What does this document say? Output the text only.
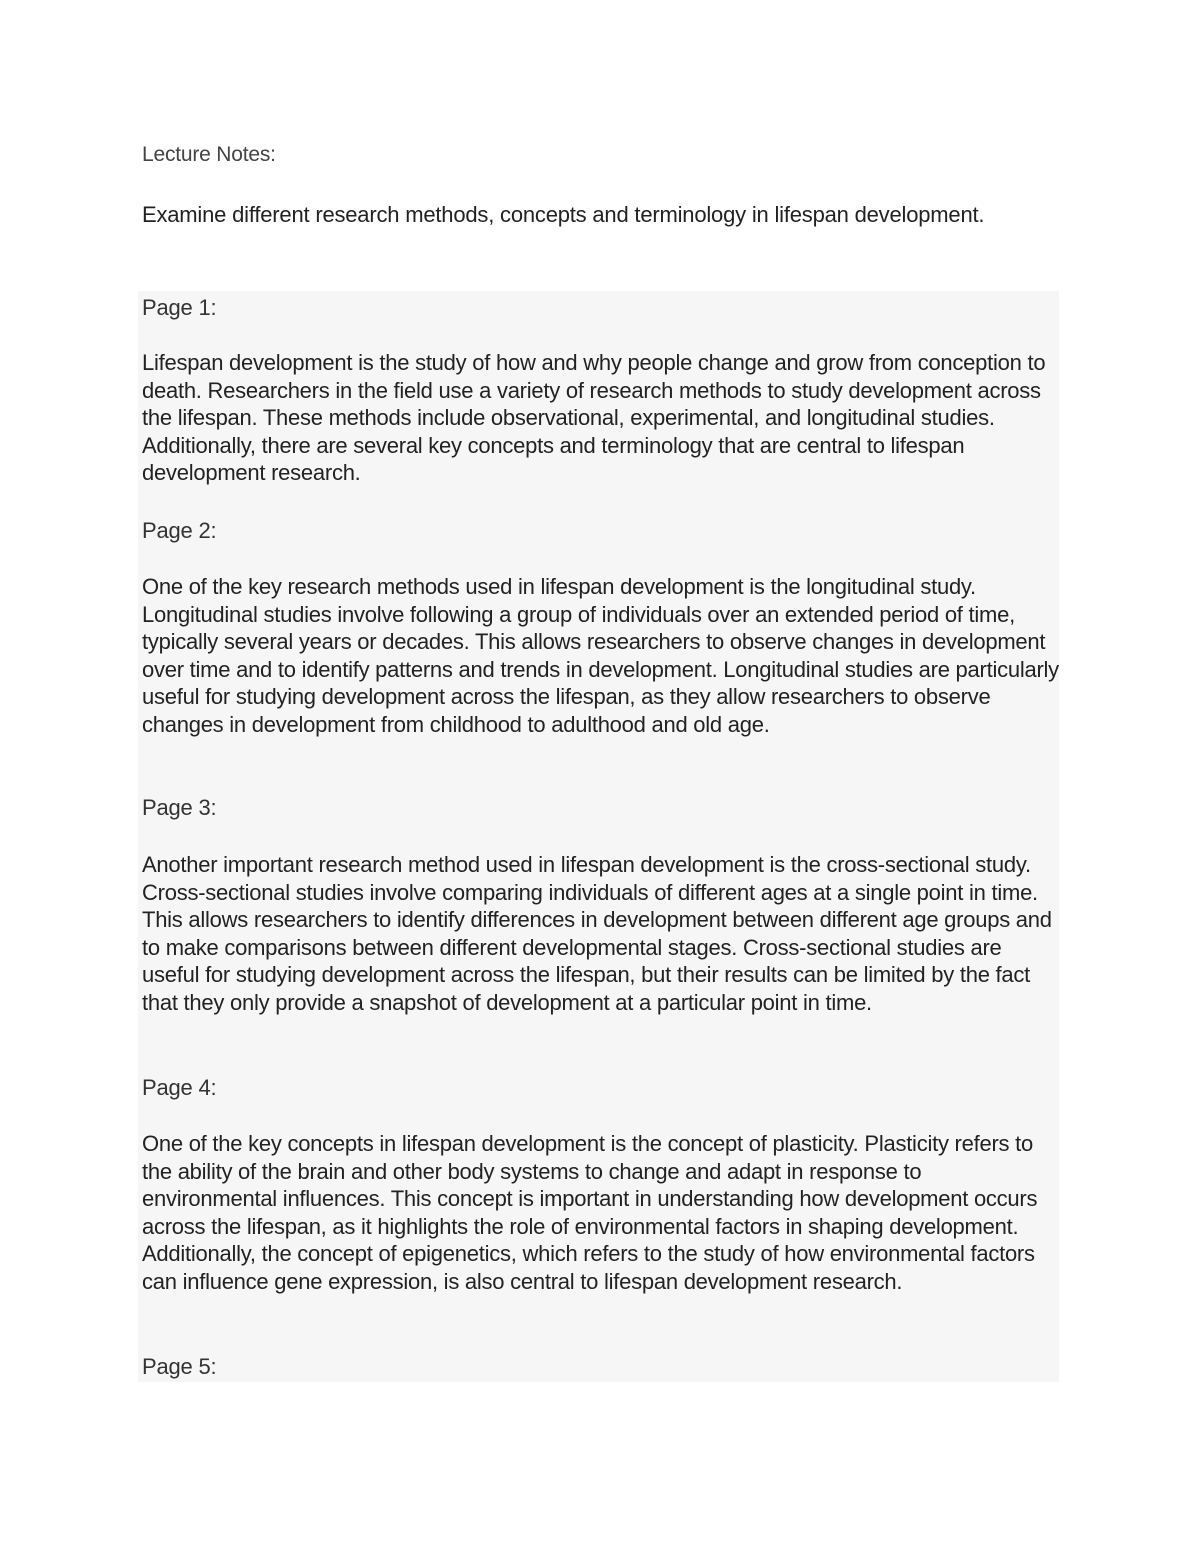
Lecture Notes:
Examine different research methods, concepts and terminology in lifespan development.

Page 1:

Lifespan development is the study of how and why people change and grow from conception to death. Researchers in the field use a variety of research methods to study development across the lifespan. These methods include observational, experimental, and longitudinal studies. Additionally, there are several key concepts and terminology that are central to lifespan development research.

Page 2:

One of the key research methods used in lifespan development is the longitudinal study. Longitudinal studies involve following a group of individuals over an extended period of time, typically several years or decades. This allows researchers to observe changes in development over time and to identify patterns and trends in development. Longitudinal studies are particularly useful for studying development across the lifespan, as they allow researchers to observe changes in development from childhood to adulthood and old age.

Page 3:

Another important research method used in lifespan development is the cross-sectional study. Cross-sectional studies involve comparing individuals of different ages at a single point in time. This allows researchers to identify differences in development between different age groups and to make comparisons between different developmental stages. Cross-sectional studies are useful for studying development across the lifespan, but their results can be limited by the fact that they only provide a snapshot of development at a particular point in time.

Page 4:

One of the key concepts in lifespan development is the concept of plasticity. Plasticity refers to the ability of the brain and other body systems to change and adapt in response to environmental influences. This concept is important in understanding how development occurs across the lifespan, as it highlights the role of environmental factors in shaping development. Additionally, the concept of epigenetics, which refers to the study of how environmental factors can influence gene expression, is also central to lifespan development research.

Page 5:
